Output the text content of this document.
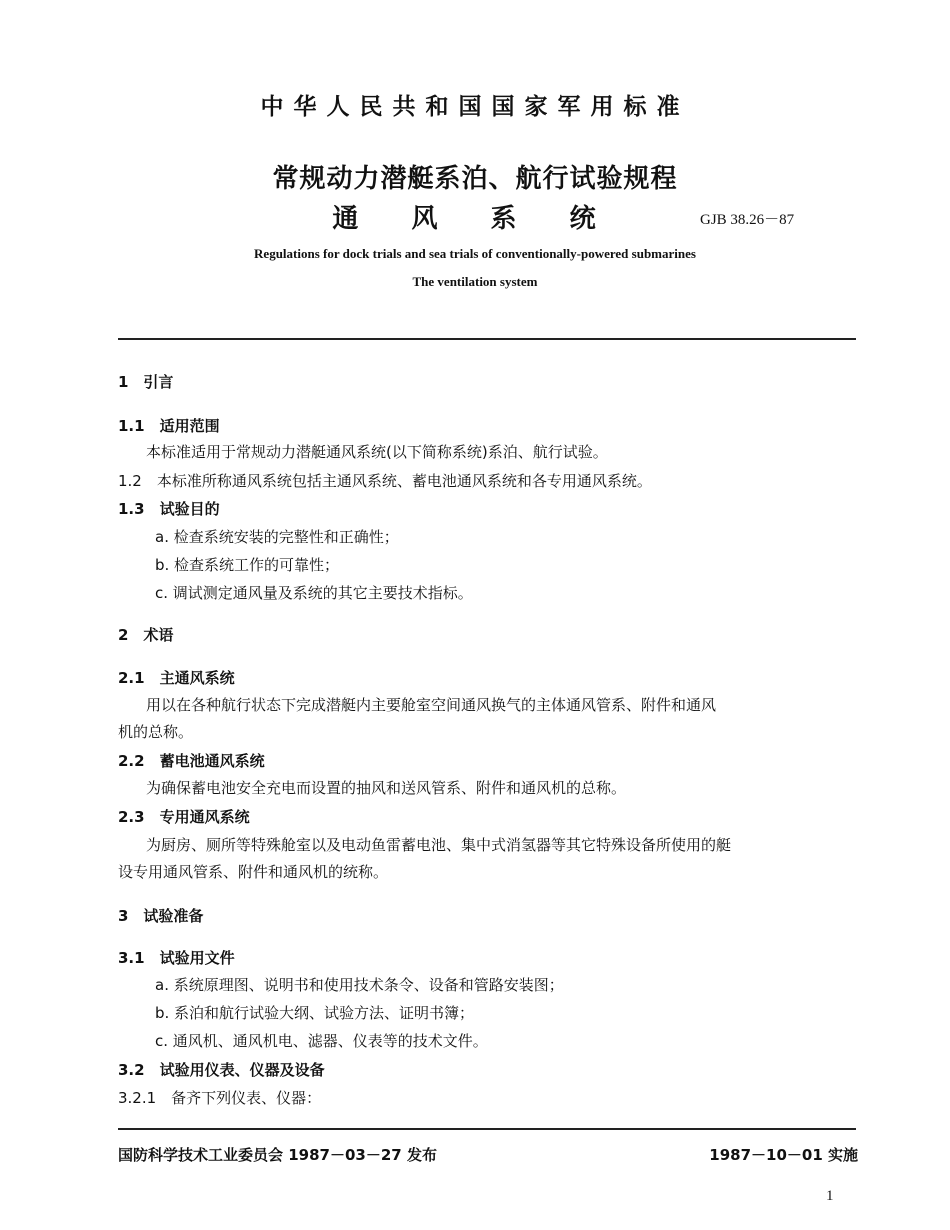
中华人民共和国国家军用标准
常规动力潜艇系泊、航行试验规程
通 风 系 统	GJB 38.26－87
Regulations for dock trials and sea trials of conventionally-powered submarines
The ventilation system
1　引言
1.1　适用范围
本标准适用于常规动力潜艇通风系统(以下简称系统)系泊、航行试验。
1.2　本标准所称通风系统包括主通风系统、蓄电池通风系统和各专用通风系统。
1.3　试验目的
a. 检查系统安装的完整性和正确性；
b. 检查系统工作的可靠性；
c. 调试测定通风量及系统的其它主要技术指标。
2　术语
2.1　主通风系统
用以在各种航行状态下完成潜艇内主要舱室空间通风换气的主体通风管系、附件和通风
机的总称。
2.2　蓄电池通风系统
为确保蓄电池安全充电而设置的抽风和送风管系、附件和通风机的总称。
2.3　专用通风系统
为厨房、厕所等特殊舱室以及电动鱼雷蓄电池、集中式消氢器等其它特殊设备所使用的艇
设专用通风管系、附件和通风机的统称。
3　试验准备
3.1　试验用文件
a. 系统原理图、说明书和使用技术条令、设备和管路安装图；
b. 系泊和航行试验大纲、试验方法、证明书簿；
c. 通风机、通风机电、滤器、仪表等的技术文件。
3.2　试验用仪表、仪器及设备
3.2.1　备齐下列仪表、仪器：
国防科学技术工业委员会 1987－03－27 发布	1987－10－01 实施
1
